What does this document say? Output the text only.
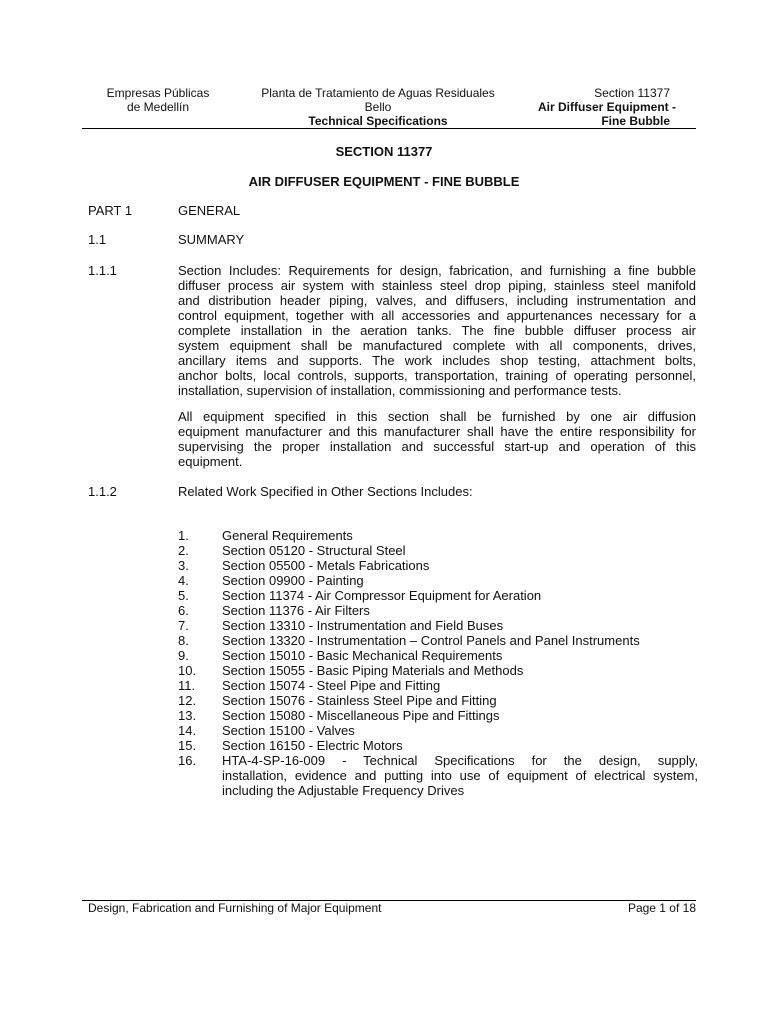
Empresas Públicas
de Medellín
Planta de Tratamiento de Aguas Residuales
Bello
Technical Specifications
Section 11377
Air Diffuser Equipment -
Fine Bubble
SECTION 11377
AIR DIFFUSER EQUIPMENT - FINE BUBBLE
PART 1	GENERAL
1.1	SUMMARY
1.1.1	Section Includes: Requirements for design, fabrication, and furnishing a fine bubble
diffuser process air system with stainless steel drop piping, stainless steel manifold
and distribution header piping, valves, and diffusers, including instrumentation and
control equipment, together with all accessories and appurtenances necessary for a
complete installation in the aeration tanks. The fine bubble diffuser process air
system equipment shall be manufactured complete with all components, drives,
ancillary items and supports. The work includes shop testing, attachment bolts,
anchor bolts, local controls, supports, transportation, training of operating personnel,
installation, supervision of installation, commissioning and performance tests.
All equipment specified in this section shall be furnished by one air diffusion
equipment manufacturer and this manufacturer shall have the entire responsibility for
supervising the proper installation and successful start-up and operation of this
equipment.
1.1.2	Related Work Specified in Other Sections Includes:
1.	General Requirements
2.	Section 05120 - Structural Steel
3.	Section 05500 - Metals Fabrications
4.	Section 09900 - Painting
5.	Section 11374 - Air Compressor Equipment for Aeration
6.	Section 11376 - Air Filters
7.	Section 13310 - Instrumentation and Field Buses
8.	Section 13320 - Instrumentation – Control Panels and Panel Instruments
9.	Section 15010 - Basic Mechanical Requirements
10.	Section 15055 - Basic Piping Materials and Methods
11.	Section 15074 - Steel Pipe and Fitting
12.	Section 15076 - Stainless Steel Pipe and Fitting
13.	Section 15080 - Miscellaneous Pipe and Fittings
14.	Section 15100 - Valves
15.	Section 16150 - Electric Motors
16.	HTA-4-SP-16-009 - Technical Specifications for the design, supply,
installation, evidence and putting into use of equipment of electrical system,
including the Adjustable Frequency Drives
Design, Fabrication and Furnishing of Major Equipment	Page 1 of 18
